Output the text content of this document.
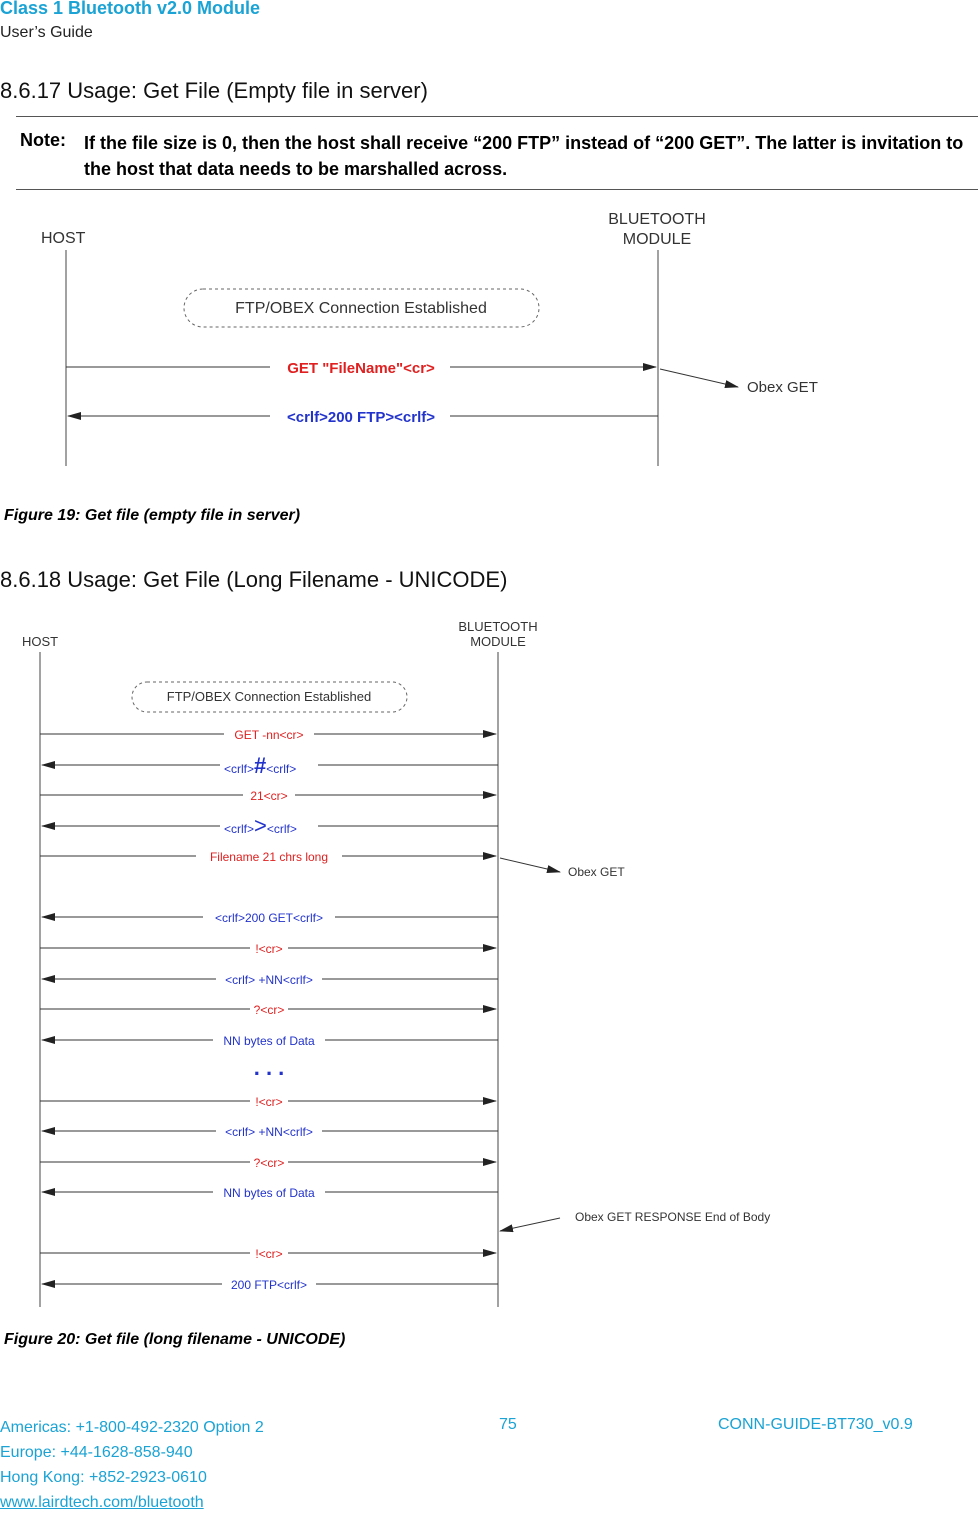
Class 1 Bluetooth v2.0 Module
User’s Guide
8.6.17 Usage: Get File (Empty file in server)
Note: If the file size is 0, then the host shall receive “200 FTP” instead of “200 GET”. The latter is invitation to the host that data needs to be marshalled across.
HOST
BLUETOOTH
MODULE
FTP/OBEX Connection Established
GET "FileName"<cr>
<crlf>200 FTP><crlf>
Obex GET
HOST
BLUETOOTH
MODULE
FTP/OBEX Connection Established
GET -nn<cr>
<crlf>#<crlf>
21<cr>
<crlf>><crlf>
Filename 21 chrs long
Obex GET
<crlf>200 GET<crlf>
!<cr>
<crlf> +NN<crlf>
?<cr>
NN bytes of Data
. . .
!<cr>
<crlf> +NN<crlf>
?<cr>
NN bytes of Data
Obex GET RESPONSE End of Body
!<cr>
200 FTP<crlf>
Figure 19: Get file (empty file in server)
8.6.18 Usage: Get File (Long Filename - UNICODE)
Figure 20: Get file (long filename - UNICODE)
Americas: +1-800-492-2320 Option 2
Europe: +44-1628-858-940
Hong Kong: +852-2923-0610
www.lairdtech.com/bluetooth
75	CONN-GUIDE-BT730_v0.9
